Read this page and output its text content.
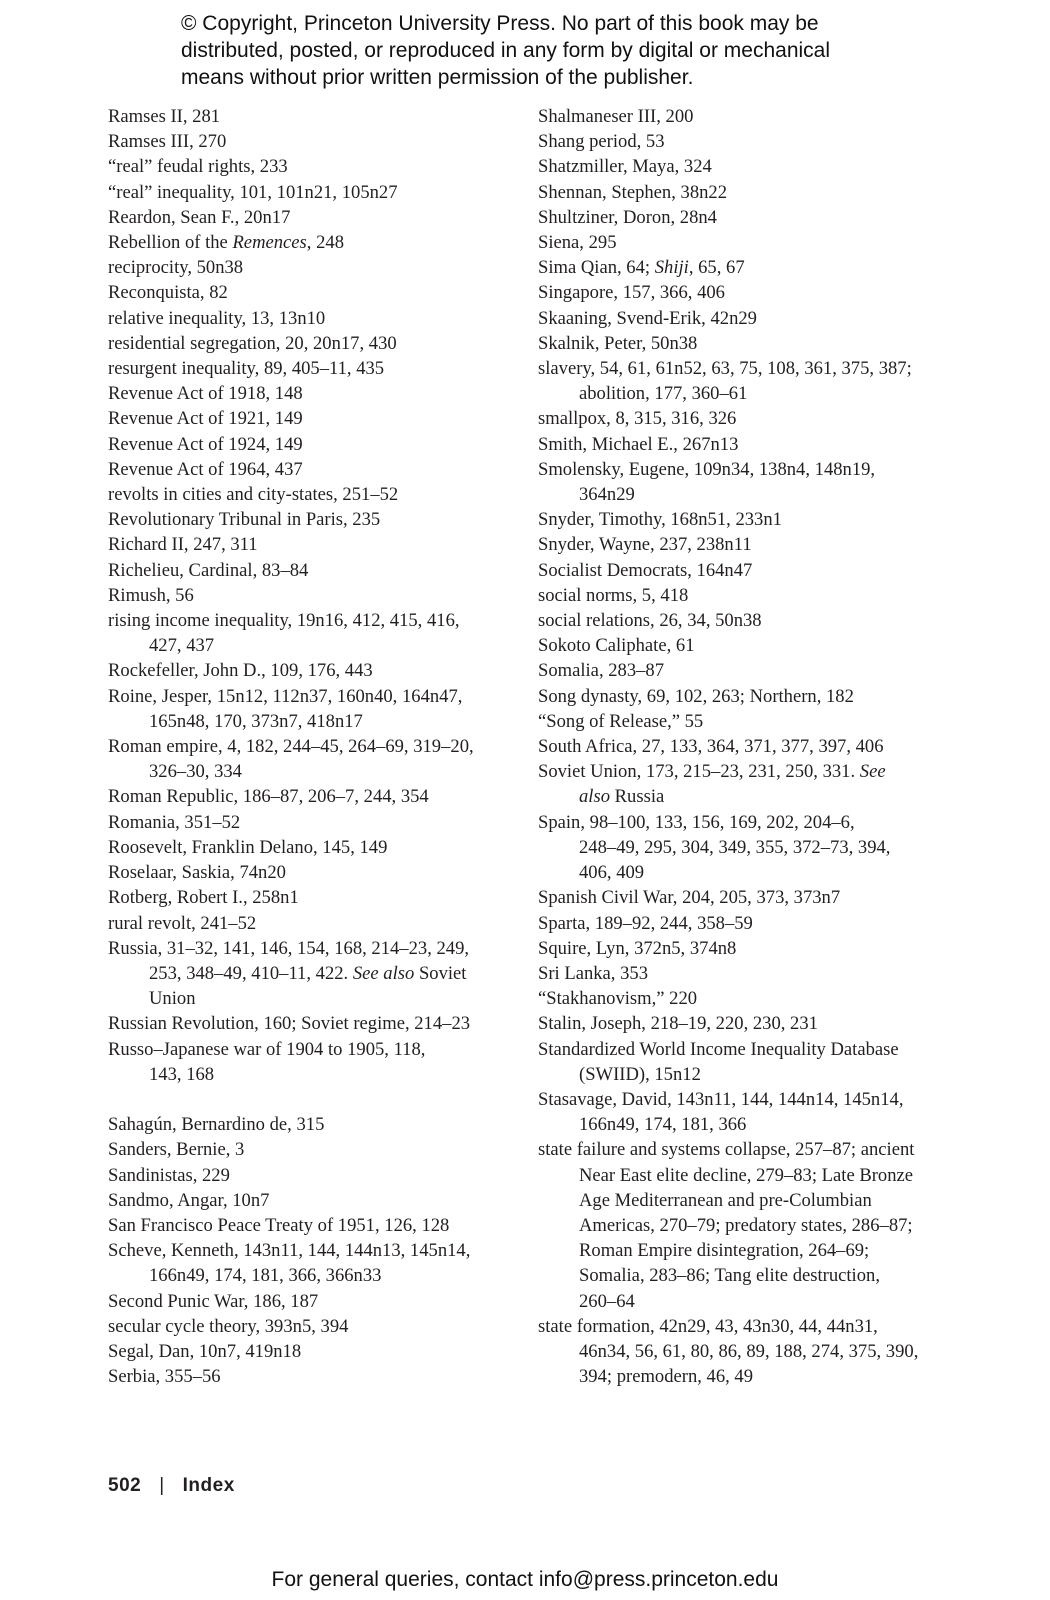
© Copyright, Princeton University Press. No part of this book may be
distributed, posted, or reproduced in any form by digital or mechanical
means without prior written permission of the publisher.
Ramses II, 281
Ramses III, 270
“real” feudal rights, 233
“real” inequality, 101, 101n21, 105n27
Reardon, Sean F., 20n17
Rebellion of the Remences, 248
reciprocity, 50n38
Reconquista, 82
relative inequality, 13, 13n10
residential segregation, 20, 20n17, 430
resurgent inequality, 89, 405–11, 435
Revenue Act of 1918, 148
Revenue Act of 1921, 149
Revenue Act of 1924, 149
Revenue Act of 1964, 437
revolts in cities and city-states, 251–52
Revolutionary Tribunal in Paris, 235
Richard II, 247, 311
Richelieu, Cardinal, 83–84
Rimush, 56
rising income inequality, 19n16, 412, 415, 416,
427, 437
Rockefeller, John D., 109, 176, 443
Roine, Jesper, 15n12, 112n37, 160n40, 164n47,
165n48, 170, 373n7, 418n17
Roman empire, 4, 182, 244–45, 264–69, 319–20,
326–30, 334
Roman Republic, 186–87, 206–7, 244, 354
Romania, 351–52
Roosevelt, Franklin Delano, 145, 149
Roselaar, Saskia, 74n20
Rotberg, Robert I., 258n1
rural revolt, 241–52
Russia, 31–32, 141, 146, 154, 168, 214–23, 249,
253, 348–49, 410–11, 422. See also Soviet
Union
Russian Revolution, 160; Soviet regime, 214–23
Russo–Japanese war of 1904 to 1905, 118,
143, 168
Sahagún, Bernardino de, 315
Sanders, Bernie, 3
Sandinistas, 229
Sandmo, Angar, 10n7
San Francisco Peace Treaty of 1951, 126, 128
Scheve, Kenneth, 143n11, 144, 144n13, 145n14,
166n49, 174, 181, 366, 366n33
Second Punic War, 186, 187
secular cycle theory, 393n5, 394
Segal, Dan, 10n7, 419n18
Serbia, 355–56
Shalmaneser III, 200
Shang period, 53
Shatzmiller, Maya, 324
Shennan, Stephen, 38n22
Shultziner, Doron, 28n4
Siena, 295
Sima Qian, 64; Shiji, 65, 67
Singapore, 157, 366, 406
Skaaning, Svend-Erik, 42n29
Skalnik, Peter, 50n38
slavery, 54, 61, 61n52, 63, 75, 108, 361, 375, 387;
abolition, 177, 360–61
smallpox, 8, 315, 316, 326
Smith, Michael E., 267n13
Smolensky, Eugene, 109n34, 138n4, 148n19,
364n29
Snyder, Timothy, 168n51, 233n1
Snyder, Wayne, 237, 238n11
Socialist Democrats, 164n47
social norms, 5, 418
social relations, 26, 34, 50n38
Sokoto Caliphate, 61
Somalia, 283–87
Song dynasty, 69, 102, 263; Northern, 182
“Song of Release,” 55
South Africa, 27, 133, 364, 371, 377, 397, 406
Soviet Union, 173, 215–23, 231, 250, 331. See
also Russia
Spain, 98–100, 133, 156, 169, 202, 204–6,
248–49, 295, 304, 349, 355, 372–73, 394,
406, 409
Spanish Civil War, 204, 205, 373, 373n7
Sparta, 189–92, 244, 358–59
Squire, Lyn, 372n5, 374n8
Sri Lanka, 353
“Stakhanovism,” 220
Stalin, Joseph, 218–19, 220, 230, 231
Standardized World Income Inequality Database
(SWIID), 15n12
Stasavage, David, 143n11, 144, 144n14, 145n14,
166n49, 174, 181, 366
state failure and systems collapse, 257–87; ancient
Near East elite decline, 279–83; Late Bronze
Age Mediterranean and pre-Columbian
Americas, 270–79; predatory states, 286–87;
Roman Empire disintegration, 264–69;
Somalia, 283–86; Tang elite destruction,
260–64
state formation, 42n29, 43, 43n30, 44, 44n31,
46n34, 56, 61, 80, 86, 89, 188, 274, 375, 390,
394; premodern, 46, 49
502 | Index
For general queries, contact info@press.princeton.edu
